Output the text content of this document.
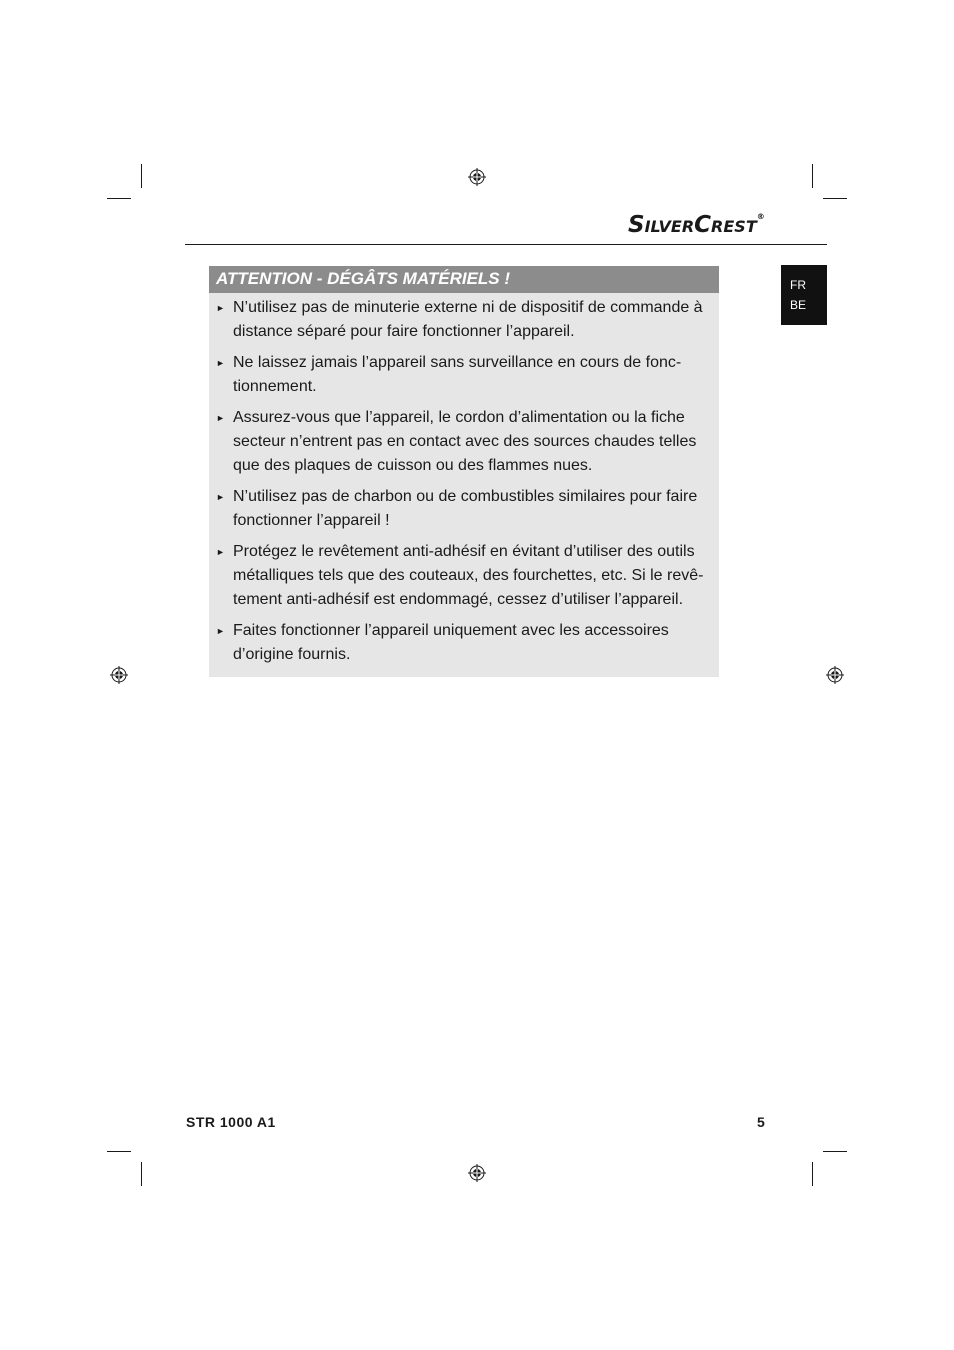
SILVERCREST®
FR
BE
ATTENTION - DÉGÂTS MATÉRIELS !
► N’utilisez pas de minuterie externe ni de dispositif de commande à distance séparé pour faire fonctionner l’appareil.
► Ne laissez jamais l’appareil sans surveillance en cours de fonctionnement.
► Assurez-vous que l’appareil, le cordon d’alimentation ou la fiche secteur n’entrent pas en contact avec des sources chaudes telles que des plaques de cuisson ou des flammes nues.
► N’utilisez pas de charbon ou de combustibles similaires pour faire fonctionner l’appareil !
► Protégez le revêtement anti-adhésif en évitant d’utiliser des outils métalliques tels que des couteaux, des fourchettes, etc. Si le revêtement anti-adhésif est endommagé, cessez d’utiliser l’appareil.
► Faites fonctionner l’appareil uniquement avec les accessoires d’origine fournis.
STR 1000 A1	5
